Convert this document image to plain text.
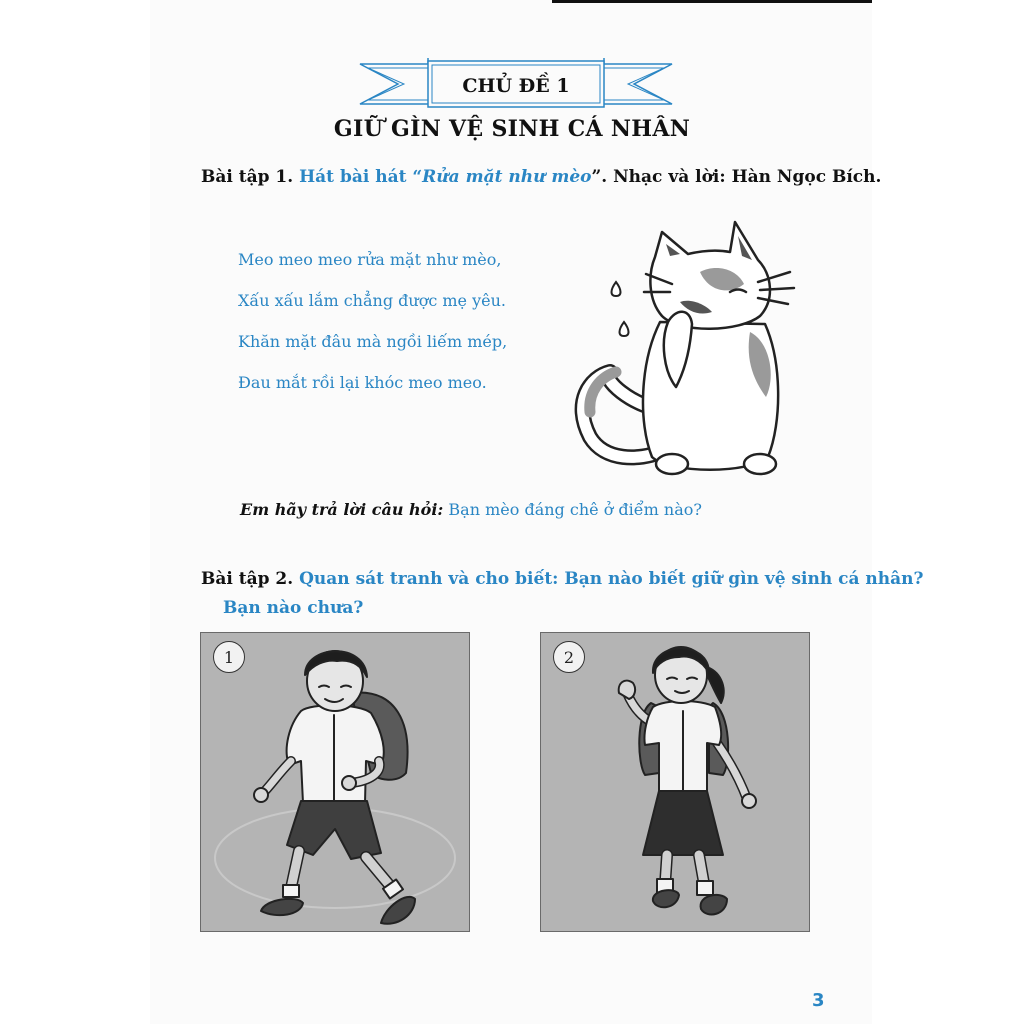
CHỦ ĐỀ 1
GIỮ GÌN VỆ SINH CÁ NHÂN
Bài tập 1. Hát bài hát “Rửa mặt như mèo”. Nhạc và lời: Hàn Ngọc Bích.
Meo meo meo rửa mặt như mèo,
Xấu xấu lắm chẳng được mẹ yêu.
Khăn mặt đâu mà ngồi liếm mép,
Đau mắt rồi lại khóc meo meo.
Em hãy trả lời câu hỏi: Bạn mèo đáng chê ở điểm nào?
Bài tập 2. Quan sát tranh và cho biết: Bạn nào biết giữ gìn vệ sinh cá nhân?
Bạn nào chưa?
1	2
3
